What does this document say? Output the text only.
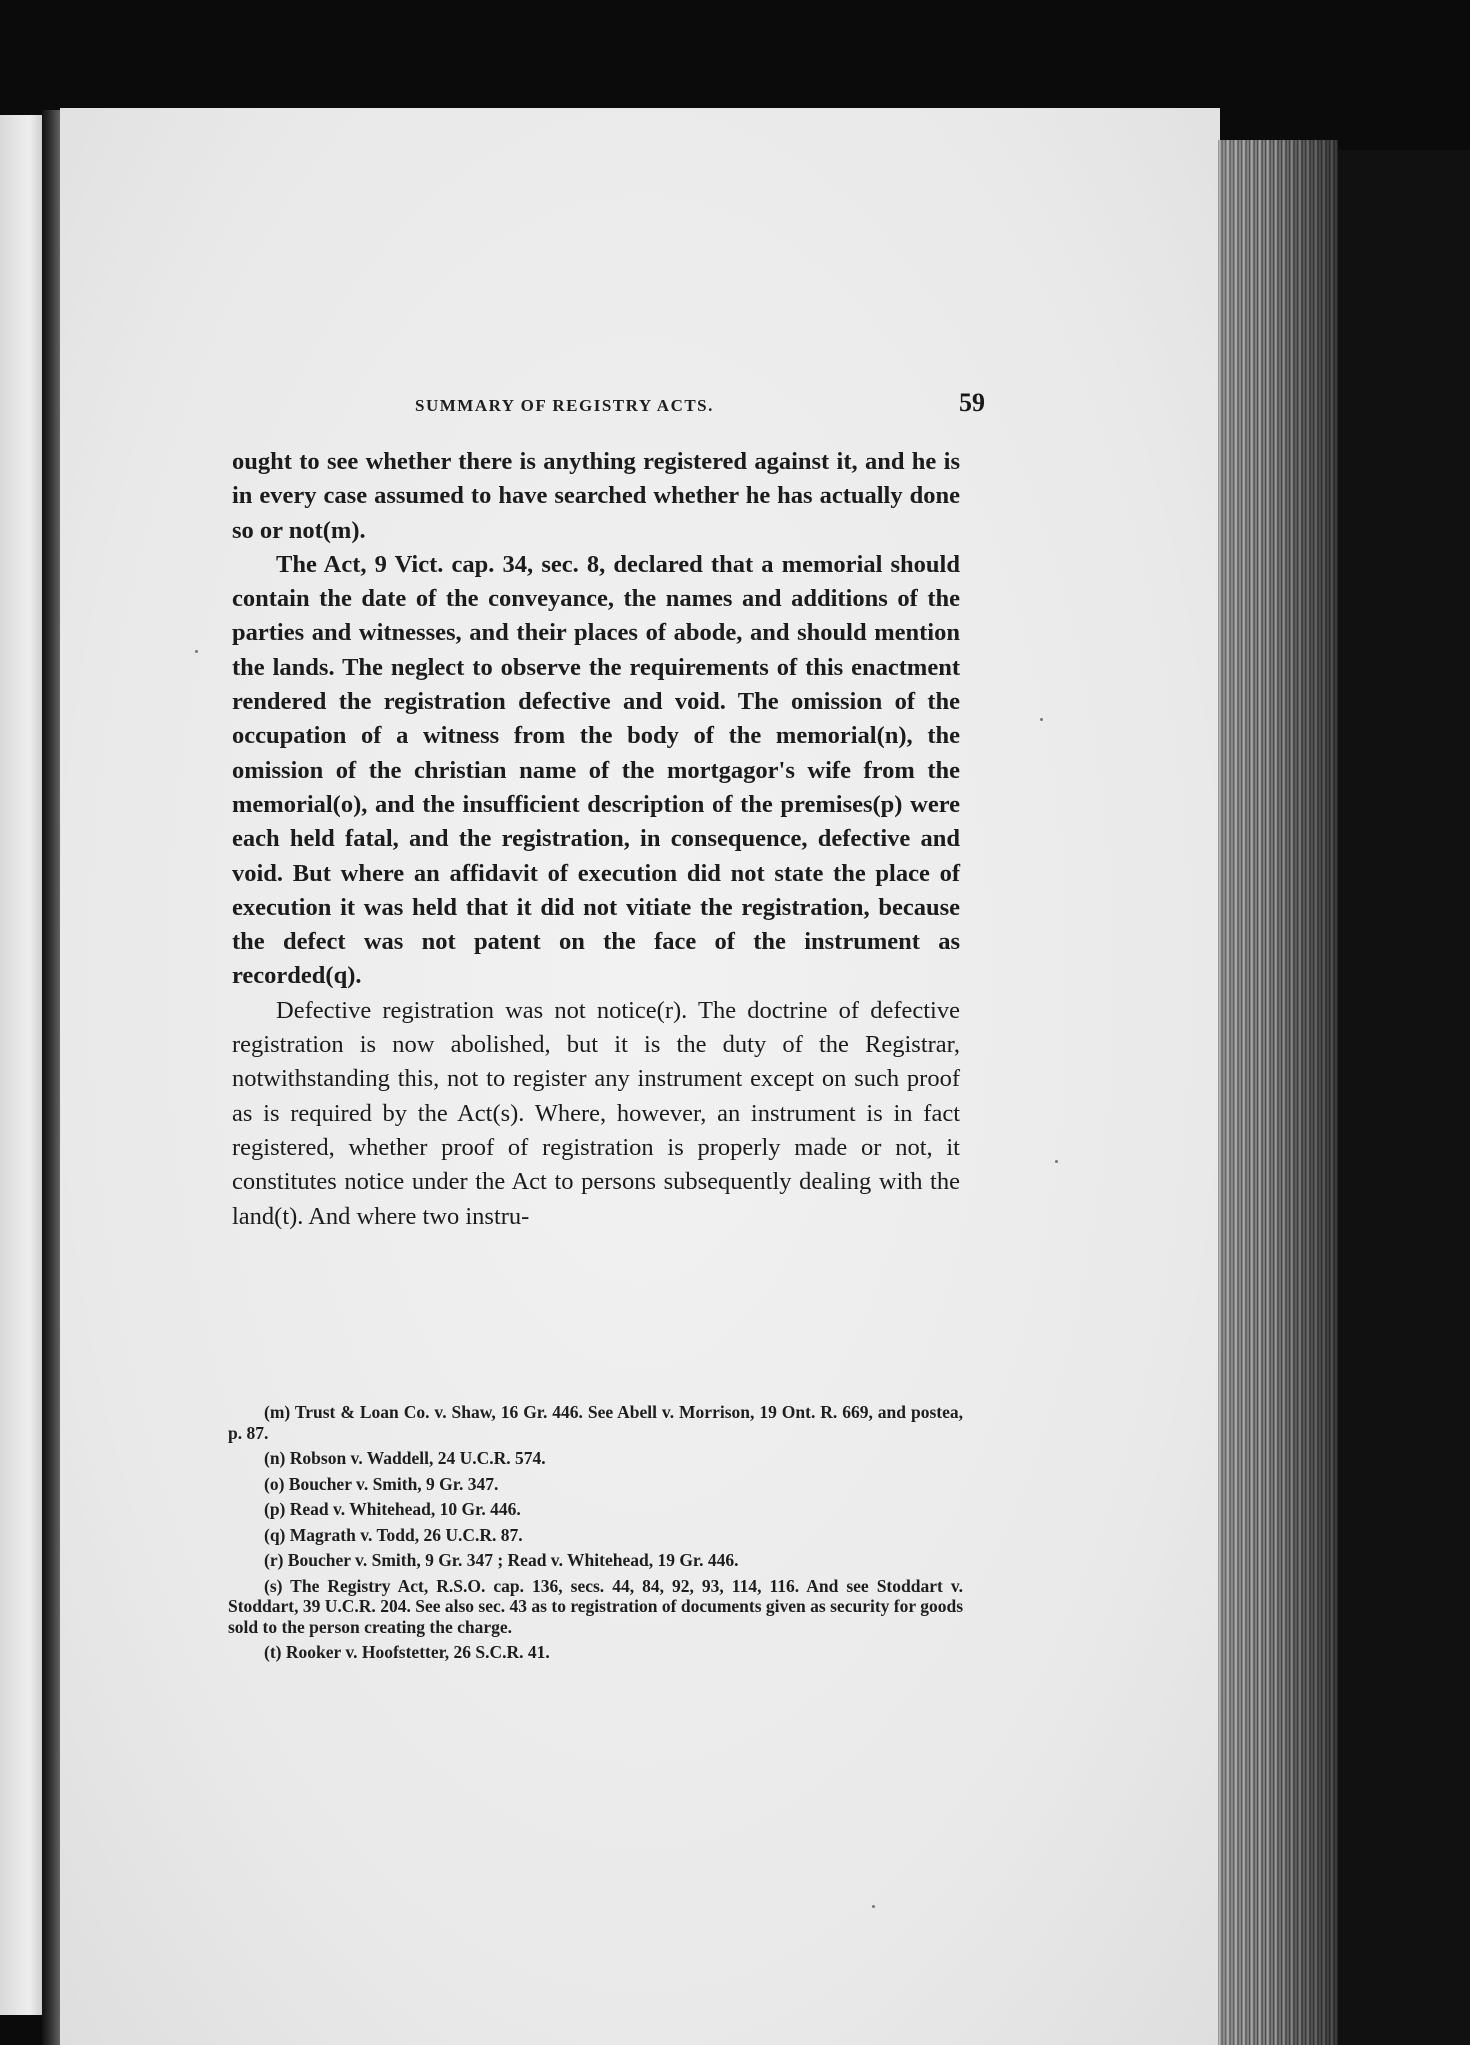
SUMMARY OF REGISTRY ACTS.	59

ought to see whether there is anything registered against it, and he is in every case assumed to have searched whether he has actually done so or not(m).

The Act, 9 Vict. cap. 34, sec. 8, declared that a memorial should contain the date of the conveyance, the names and additions of the parties and witnesses, and their places of abode, and should mention the lands. The neglect to observe the requirements of this enactment rendered the registration defective and void. The omission of the occupation of a witness from the body of the memorial(n), the omission of the christian name of the mortgagor's wife from the memorial(o), and the insufficient description of the premises(p) were each held fatal, and the registration, in consequence, defective and void. But where an affidavit of execution did not state the place of execution it was held that it did not vitiate the registration, because the defect was not patent on the face of the instrument as recorded(q).

Defective registration was not notice(r). The doctrine of defective registration is now abolished, but it is the duty of the Registrar, notwithstanding this, not to register any instrument except on such proof as is required by the Act(s). Where, however, an instrument is in fact registered, whether proof of registration is properly made or not, it constitutes notice under the Act to persons subsequently dealing with the land(t). And where two instru-

(m) Trust & Loan Co. v. Shaw, 16 Gr. 446. See Abell v. Morrison, 19 Ont. R. 669, and postea, p. 87.

(n) Robson v. Waddell, 24 U.C.R. 574.

(o) Boucher v. Smith, 9 Gr. 347.

(p) Read v. Whitehead, 10 Gr. 446.

(q) Magrath v. Todd, 26 U.C.R. 87.

(r) Boucher v. Smith, 9 Gr. 347 ; Read v. Whitehead, 19 Gr. 446.

(s) The Registry Act, R.S.O. cap. 136, secs. 44, 84, 92, 93, 114, 116. And see Stoddart v. Stoddart, 39 U.C.R. 204. See also sec. 43 as to registration of documents given as security for goods sold to the person creating the charge.

(t) Rooker v. Hoofstetter, 26 S.C.R. 41.
